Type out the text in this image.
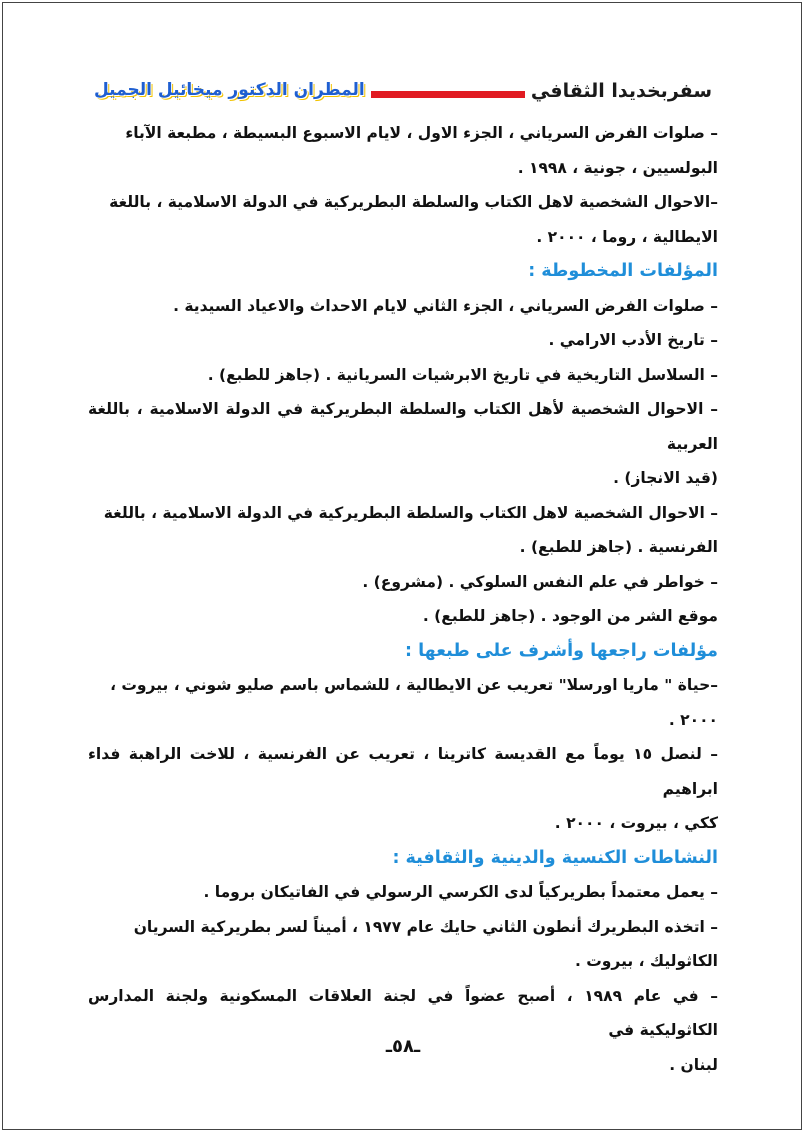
سفربخديدا الثقافي
المطران الدكتور ميخائيل الجميل

– صلوات الفرض السرياني ، الجزء الاول ، لايام الاسبوع البسيطة ، مطبعة الآباء

البولسيين ، جونية ، ١٩٩٨ .

–الاحوال الشخصية لاهل الكتاب والسلطة البطريركية في الدولة الاسلامية ، باللغة

الايطالية ، روما ، ٢٠٠٠ .

المؤلفات المخطوطة :

– صلوات الفرض السرياني ، الجزء الثاني لايام الاحداث والاعياد السيدية .

– تاريخ الأدب الارامي .

– السلاسل التاريخية في تاريخ الابرشيات السريانية . (جاهز للطبع) .

– الاحوال الشخصية لأهل الكتاب والسلطة البطريركية في الدولة الاسلامية ، باللغة العربية

(قيد الانجاز) .

– الاحوال الشخصية لاهل الكتاب والسلطة البطريركية في الدولة الاسلامية ، باللغة

الفرنسية . (جاهز للطبع) .

– خواطر في علم النفس السلوكي . (مشروع) .

موقع الشر من الوجود . (جاهز للطبع) .

مؤلفات راجعها وأشرف على طبعها :

–حياة " ماريا اورسلا" تعريب عن الايطالية ، للشماس باسم صليو شوني ، بيروت ،

٢٠٠٠ .

– لنصل ١٥ يوماً مع القديسة كاترينا ، تعريب عن الفرنسية ، للاخت الراهبة فداء ابراهيم

ككي ، بيروت ، ٢٠٠٠ .

النشاطات الكنسية والدينية والثقافية :

– يعمل معتمداً بطريركياً لدى الكرسي الرسولي في الفاتيكان بروما .

– اتخذه البطريرك أنطون الثاني حايك عام ١٩٧٧ ، أميناً لسر بطريركية السريان

الكاثوليك ، بيروت .

– في عام ١٩٨٩ ، أصبح عضواً في لجنة العلاقات المسكونية ولجنة المدارس الكاثوليكية في

لبنان .

ـ٥٨ـ
